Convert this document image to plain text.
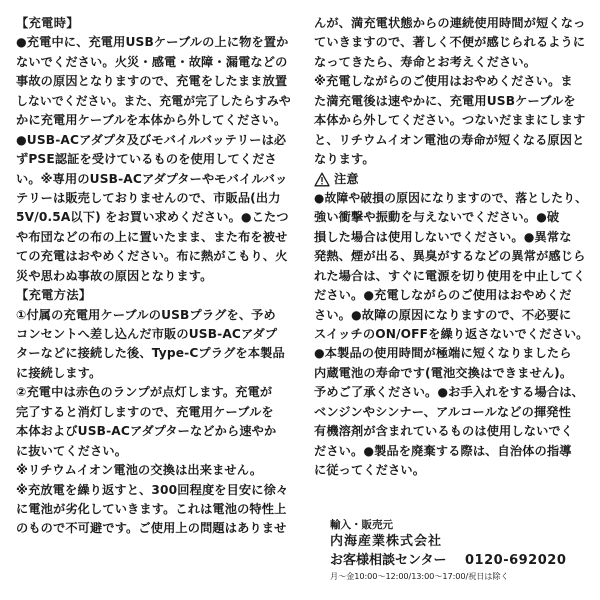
【充電時】
●充電中に、充電用USBケーブルの上に物を置か
ないでください。火災・感電・故障・漏電などの
事故の原因となりますので、充電をしたまま放置
しないでください。また、充電が完了したらすみや
かに充電用ケーブルを本体から外してください。
●USB-ACアダプタ及びモバイルバッテリーは必
ずPSE認証を受けているものを使用してくださ
い。※専用のUSB-ACアダプターやモバイルバッ
テリーは販売しておりませんので、市販品(出力
5V/0.5A以下) をお買い求めください。●こたつ
や布団などの布の上に置いたまま、また布を被せ
ての充電はおやめください。布に熱がこもり、火
災や思わぬ事故の原因となります。
【充電方法】
①付属の充電用ケーブルのUSBプラグを、予め
コンセントへ差し込んだ市販のUSB-ACアダプ
ターなどに接続した後、Type-Cプラグを本製品
に接続します。
②充電中は赤色のランプが点灯します。充電が
完了すると消灯しますので、充電用ケーブルを
本体およびUSB-ACアダプターなどから速やか
に抜いてください。
※リチウムイオン電池の交換は出来ません。
※充放電を繰り返すと、300回程度を目安に徐々
に電池が劣化していきます。これは電池の特性上
のもので不可避です。ご使用上の問題はありませ
んが、満充電状態からの連続使用時間が短くなっ
ていきますので、著しく不便が感じられるように
なってきたら、寿命とお考えください。
※充電しながらのご使用はおやめください。ま
た満充電後は速やかに、充電用USBケーブルを
本体から外してください。つないだままにします
と、リチウムイオン電池の寿命が短くなる原因と
なります。
注意
●故障や破損の原因になりますので、落としたり、
強い衝撃や振動を与えないでください。●破
損した場合は使用しないでください。●異常な
発熱、煙が出る、異臭がするなどの異常が感じら
れた場合は、すぐに電源を切り使用を中止してく
ださい。●充電しながらのご使用はおやめくだ
さい。●故障の原因になりますので、不必要に
スイッチのON/OFFを繰り返さないでください。
●本製品の使用時間が極端に短くなりましたら
内蔵電池の寿命です(電池交換はできません)。
予めご了承ください。●お手入れをする場合は、
ベンジンやシンナー、アルコールなどの揮発性
有機溶剤が含まれているものは使用しないでく
ださい。●製品を廃棄する際は、自治体の指導
に従ってください。
輸入・販売元
内海産業株式会社
お客様相談センター 0120-692020
月〜金10:00〜12:00/13:00〜17:00/祝日は除く
